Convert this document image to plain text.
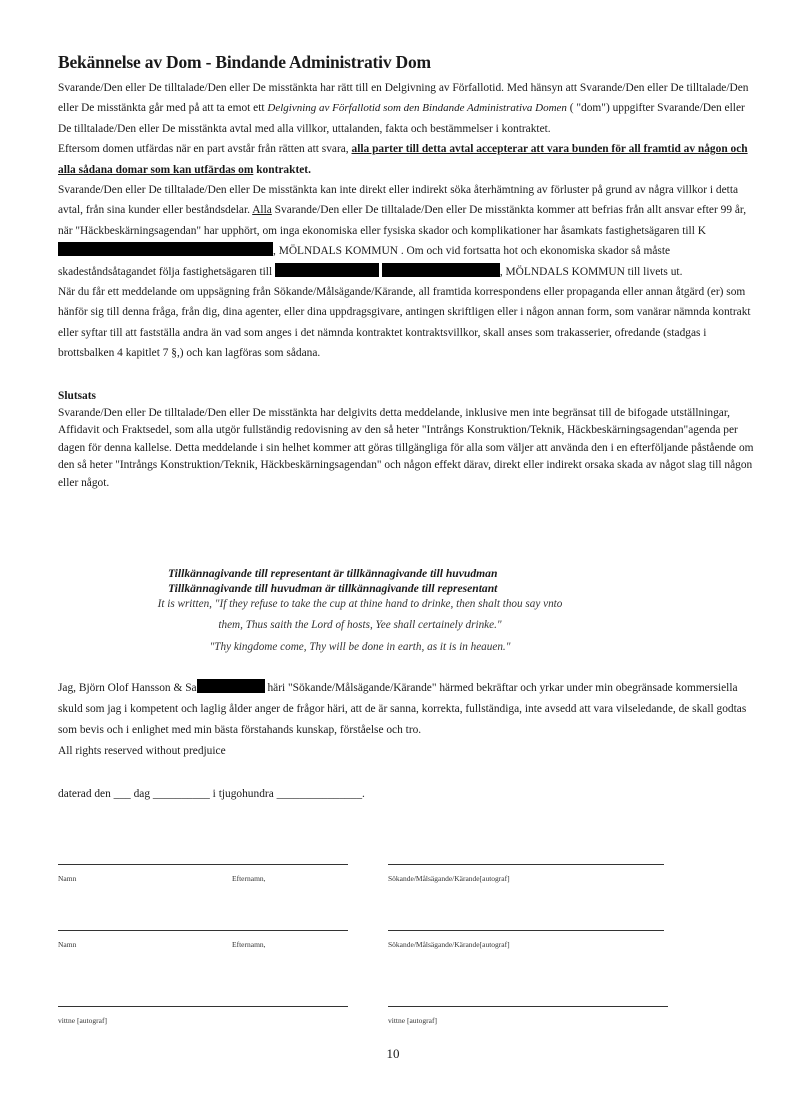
Bekännelse av Dom - Bindande Administrativ Dom

Svarande/Den eller De tilltalade/Den eller De misstänkta har rätt till en Delgivning av Förfallotid. Med hänsyn att Svarande/Den eller De tilltalade/Den eller De misstänkta går med på att ta emot ett Delgivning av Förfallotid som den Bindande Administrativa Domen ( "dom") uppgifter Svarande/Den eller De tilltalade/Den eller De misstänkta avtal med alla villkor, uttalanden, fakta och bestämmelser i kontraktet.

Eftersom domen utfärdas när en part avstår från rätten att svara, alla parter till detta avtal accepterar att vara bunden för all framtid av någon och alla sådana domar som kan utfärdas om kontraktet.

Svarande/Den eller De tilltalade/Den eller De misstänkta kan inte direkt eller indirekt söka återhämtning av förluster på grund av några villkor i detta avtal, från sina kunder eller beståndsdelar. Alla Svarande/Den eller De tilltalade/Den eller De misstänkta kommer att befrias från allt ansvar efter 99 år, när "Häckbeskärningsagendan" har upphört, om inga ekonomiska eller fysiska skador och komplikationer har åsamkats fastighetsägaren till K, MÖLNDALS KOMMUN . Om och vid fortsatta hot och ekonomiska skador så måste skadeståndsåtagandet följa fastighetsägaren till	, MÖLNDALS KOMMUN till livets ut.

När du får ett meddelande om uppsägning från Sökande/Målsägande/Kärande, all framtida korrespondens eller propaganda eller annan åtgärd (er) som hänför sig till denna fråga, från dig, dina agenter, eller dina uppdragsgivare, antingen skriftligen eller i någon annan form, som vanärar nämnda kontrakt eller syftar till att fastställa andra än vad som anges i det nämnda kontraktet kontraktsvillkor, skall anses som trakasserier, ofredande (stadgas i brottsbalken 4 kapitlet 7 §,) och kan lagföras som sådana.

Slutsats

Svarande/Den eller De tilltalade/Den eller De misstänkta har delgivits detta meddelande, inklusive men inte begränsat till de bifogade utställningar, Affidavit och Fraktsedel, som alla utgör fullständig redovisning av den så heter "Intrångs Konstruktion/Teknik, Häckbeskärningsagendan"agenda per dagen för denna kallelse. Detta meddelande i sin helhet kommer att göras tillgängliga för alla som väljer att använda den i en efterföljande påstående om den så heter "Intrångs Konstruktion/Teknik, Häckbeskärningsagendan" och någon effekt därav, direkt eller indirekt orsaka skada av något slag till någon eller något.

Tillkännagivande till representant är tillkännagivande till huvudman
Tillkännagivande till huvudman är tillkännagivande till representant
It is written, "If they refuse to take the cup at thine hand to drinke, then shalt thou say vnto
them, Thus saith the Lord of hosts, Yee shall certainely drinke."
"Thy kingdome come, Thy will be done in earth, as it is in heauen."
Jag, Björn Olof Hansson & Sa	häri "Sökande/Målsägande/Kärande" härmed bekräftar och yrkar under min obegränsade kommersiella skuld som jag i kompetent och laglig ålder anger de frågor häri, att de är sanna, korrekta, fullständiga, inte avsedd att vara vilseledande, de skall godtas som bevis och i enlighet med min bästa förstahands kunskap, förståelse och tro.
All rights reserved without predjuice
daterad den ___ dag __________ i tjugohundra _______________.
Namn	Efternamn,	Sökande/Målsägande/Kärande[autograf]
Namn	Efternamn,	Sökande/Målsägande/Kärande[autograf]
vittne [autograf]	vittne [autograf]
10
